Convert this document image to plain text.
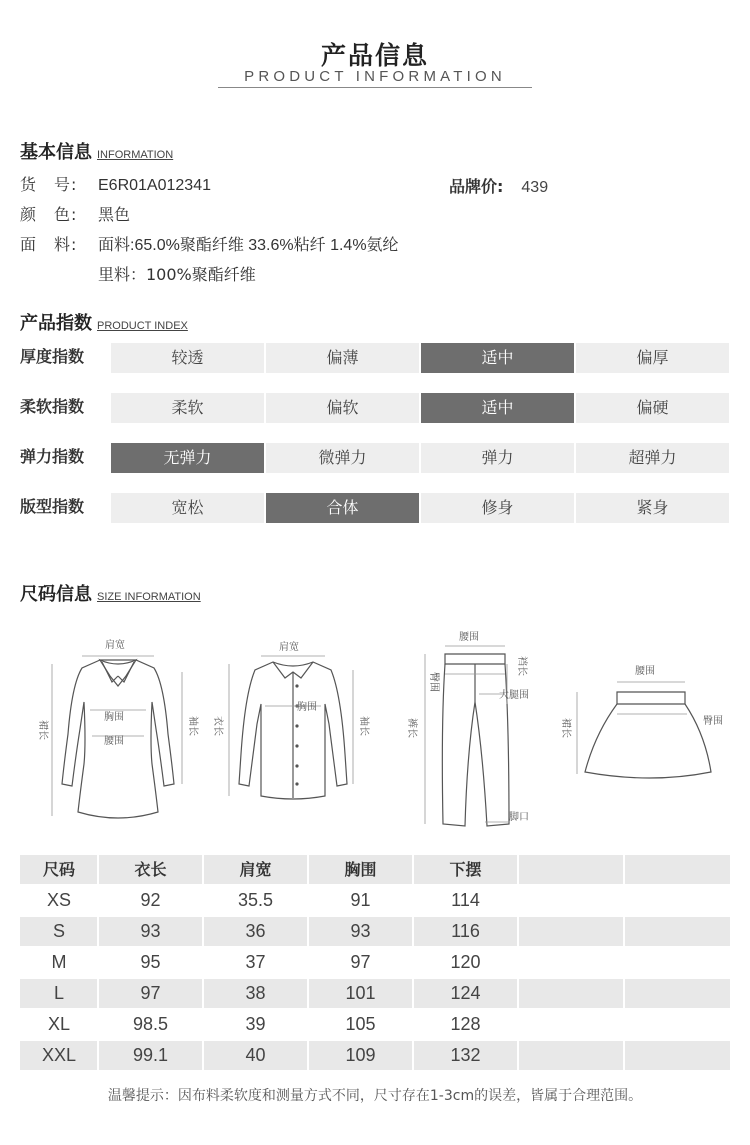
产品信息
PRODUCT INFORMATION
基本信息 INFORMATION
货　号: E6R01A012341	品牌价: 439
颜　色: 黑色
面　料: 面料:65.0%聚酯纤维 33.6%粘纤 1.4%氨纶
里料：100%聚酯纤维
产品指数 PRODUCT INDEX
厚度指数	较透	偏薄	适中	偏厚
柔软指数	柔软	偏软	适中	偏硬
弹力指数	无弹力	微弹力	弹力	超弹力
版型指数	宽松	合体	修身	紧身
尺码信息 SIZE INFORMATION
肩宽
胸围
腰围
裙长	袖长
肩宽
胸围
衣长	袖长
腰围
臀围
裆长
大腿围
裤长
脚口
腰围
臀围
裙长
尺码	衣长	肩宽	胸围	下摆
XS	92	35.5	91	114
S	93	36	93	116
M	95	37	97	120
L	97	38	101	124
XL	98.5	39	105	128
XXL	99.1	40	109	132
温馨提示：因布料柔软度和测量方式不同，尺寸存在1-3cm的误差，皆属于合理范围。
